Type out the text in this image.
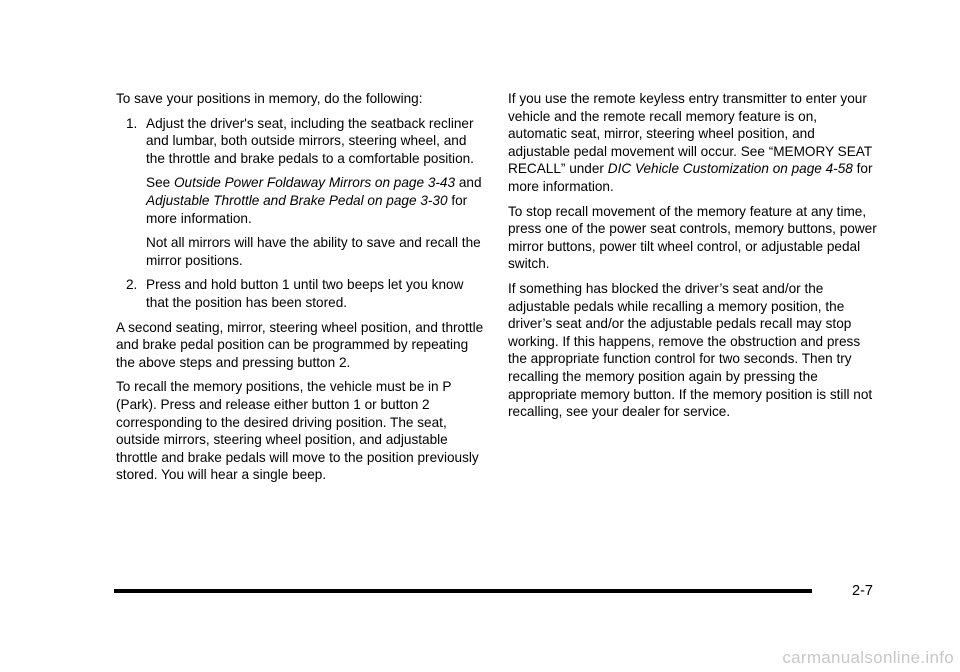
To save your positions in memory, do the following:

1. Adjust the driver's seat, including the seatback recliner and lumbar, both outside mirrors, steering wheel, and the throttle and brake pedals to a comfortable position.

See Outside Power Foldaway Mirrors on page 3-43 and Adjustable Throttle and Brake Pedal on page 3-30 for more information.

Not all mirrors will have the ability to save and recall the mirror positions.

2. Press and hold button 1 until two beeps let you know that the position has been stored.

A second seating, mirror, steering wheel position, and throttle and brake pedal position can be programmed by repeating the above steps and pressing button 2.

To recall the memory positions, the vehicle must be in P (Park). Press and release either button 1 or button 2 corresponding to the desired driving position. The seat, outside mirrors, steering wheel position, and adjustable throttle and brake pedals will move to the position previously stored. You will hear a single beep.

If you use the remote keyless entry transmitter to enter your vehicle and the remote recall memory feature is on, automatic seat, mirror, steering wheel position, and adjustable pedal movement will occur. See “MEMORY SEAT RECALL” under DIC Vehicle Customization on page 4-58 for more information.

To stop recall movement of the memory feature at any time, press one of the power seat controls, memory buttons, power mirror buttons, power tilt wheel control, or adjustable pedal switch.

If something has blocked the driver’s seat and/or the adjustable pedals while recalling a memory position, the driver’s seat and/or the adjustable pedals recall may stop working. If this happens, remove the obstruction and press the appropriate function control for two seconds. Then try recalling the memory position again by pressing the appropriate memory button. If the memory position is still not recalling, see your dealer for service.

2-7
carmanualsonline.info
